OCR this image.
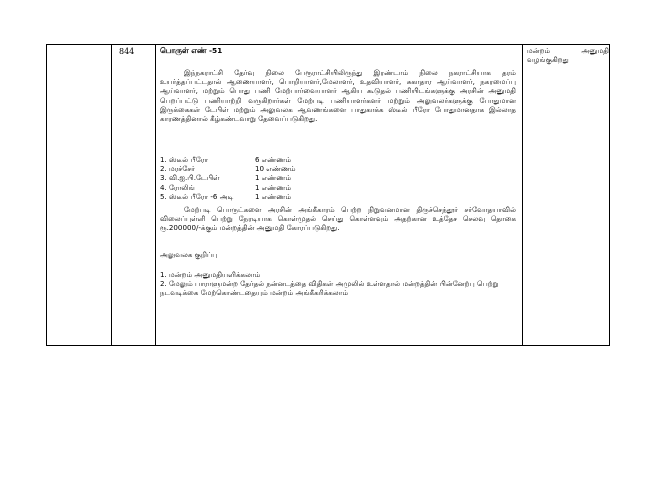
844	பொருள் எண் -51
இந்நகராட்சி தேர்வு நிலை பேரூராட்சியிலிருந்து இரண்டாம் நிலை நகராட்சியாக தரம் உயர்த்தப்பட்டதால் ஆணையாளர், பொறியாளர்,மேலாளர், உதவியாளர், சுகாதார ஆய்வாளர், நகரமைப்பு ஆய்வாளர், மற்றும் பொது பணி மேற்பார்வையாளர் ஆகிய கூடுதல் பணியிடங்களுக்கு அரசின் அனுமதி பெறப்பட்டு பணியாற்றி வருகிறார்கள் மேற்படி பணியாளர்களர் மற்றும் அலுவலர்களுக்கு போதுமான இருக்கைகள் டேபிள் மற்றும் அலுவலக ஆவணங்களை பாதுகாக்க ஸ்டீல் பீரோ போதுமானதாக இல்லாத காரணத்தினால் கீழ்கண்டவாறு தேவைப்படுகிறது.
1. ஸ்டீல் பீரோ	6 எண்ணம்
2. மரச்சேர்	10 எண்ணம்
3. வி.ஐ.பி.டேபிள்	1 எண்ணம்
4. ரோலிங்	1 எண்ணம்
5. ஸ்டீல் பீரோ -6 அடி	1 எண்ணம்
மேற்படி பொருட்களை அரசின் அங்கீகாரம் பெற்ற நிறுவனமான திருச்செந்தூர் சர்வோதயாவில் விலைப்புள்ளி பெற்று நேரடியாக கொள்முதல் செய்து கொள்ளவும் அதற்கான உத்தேச செலவு தொகை ரூ.200000/-க்கும் மன்றத்தின் அனுமதி கோரப்படுகிறது.
அலுவலக குறிப்பு
1. மன்றம் அனுமதியளிக்கலாம்
2. மேலும் பாராளுமன்ற தேர்தல் நன்னடத்தை விதிகள் அமுலில் உள்ளதால் மன்றத்தின் பின்னேற்பு பெற்று நடவடிக்கை மேற்கொண்டதையும் மன்றம் அங்கீகரிக்கலாம்
மன்றம் அனுமதி
வழங்குகிறது
